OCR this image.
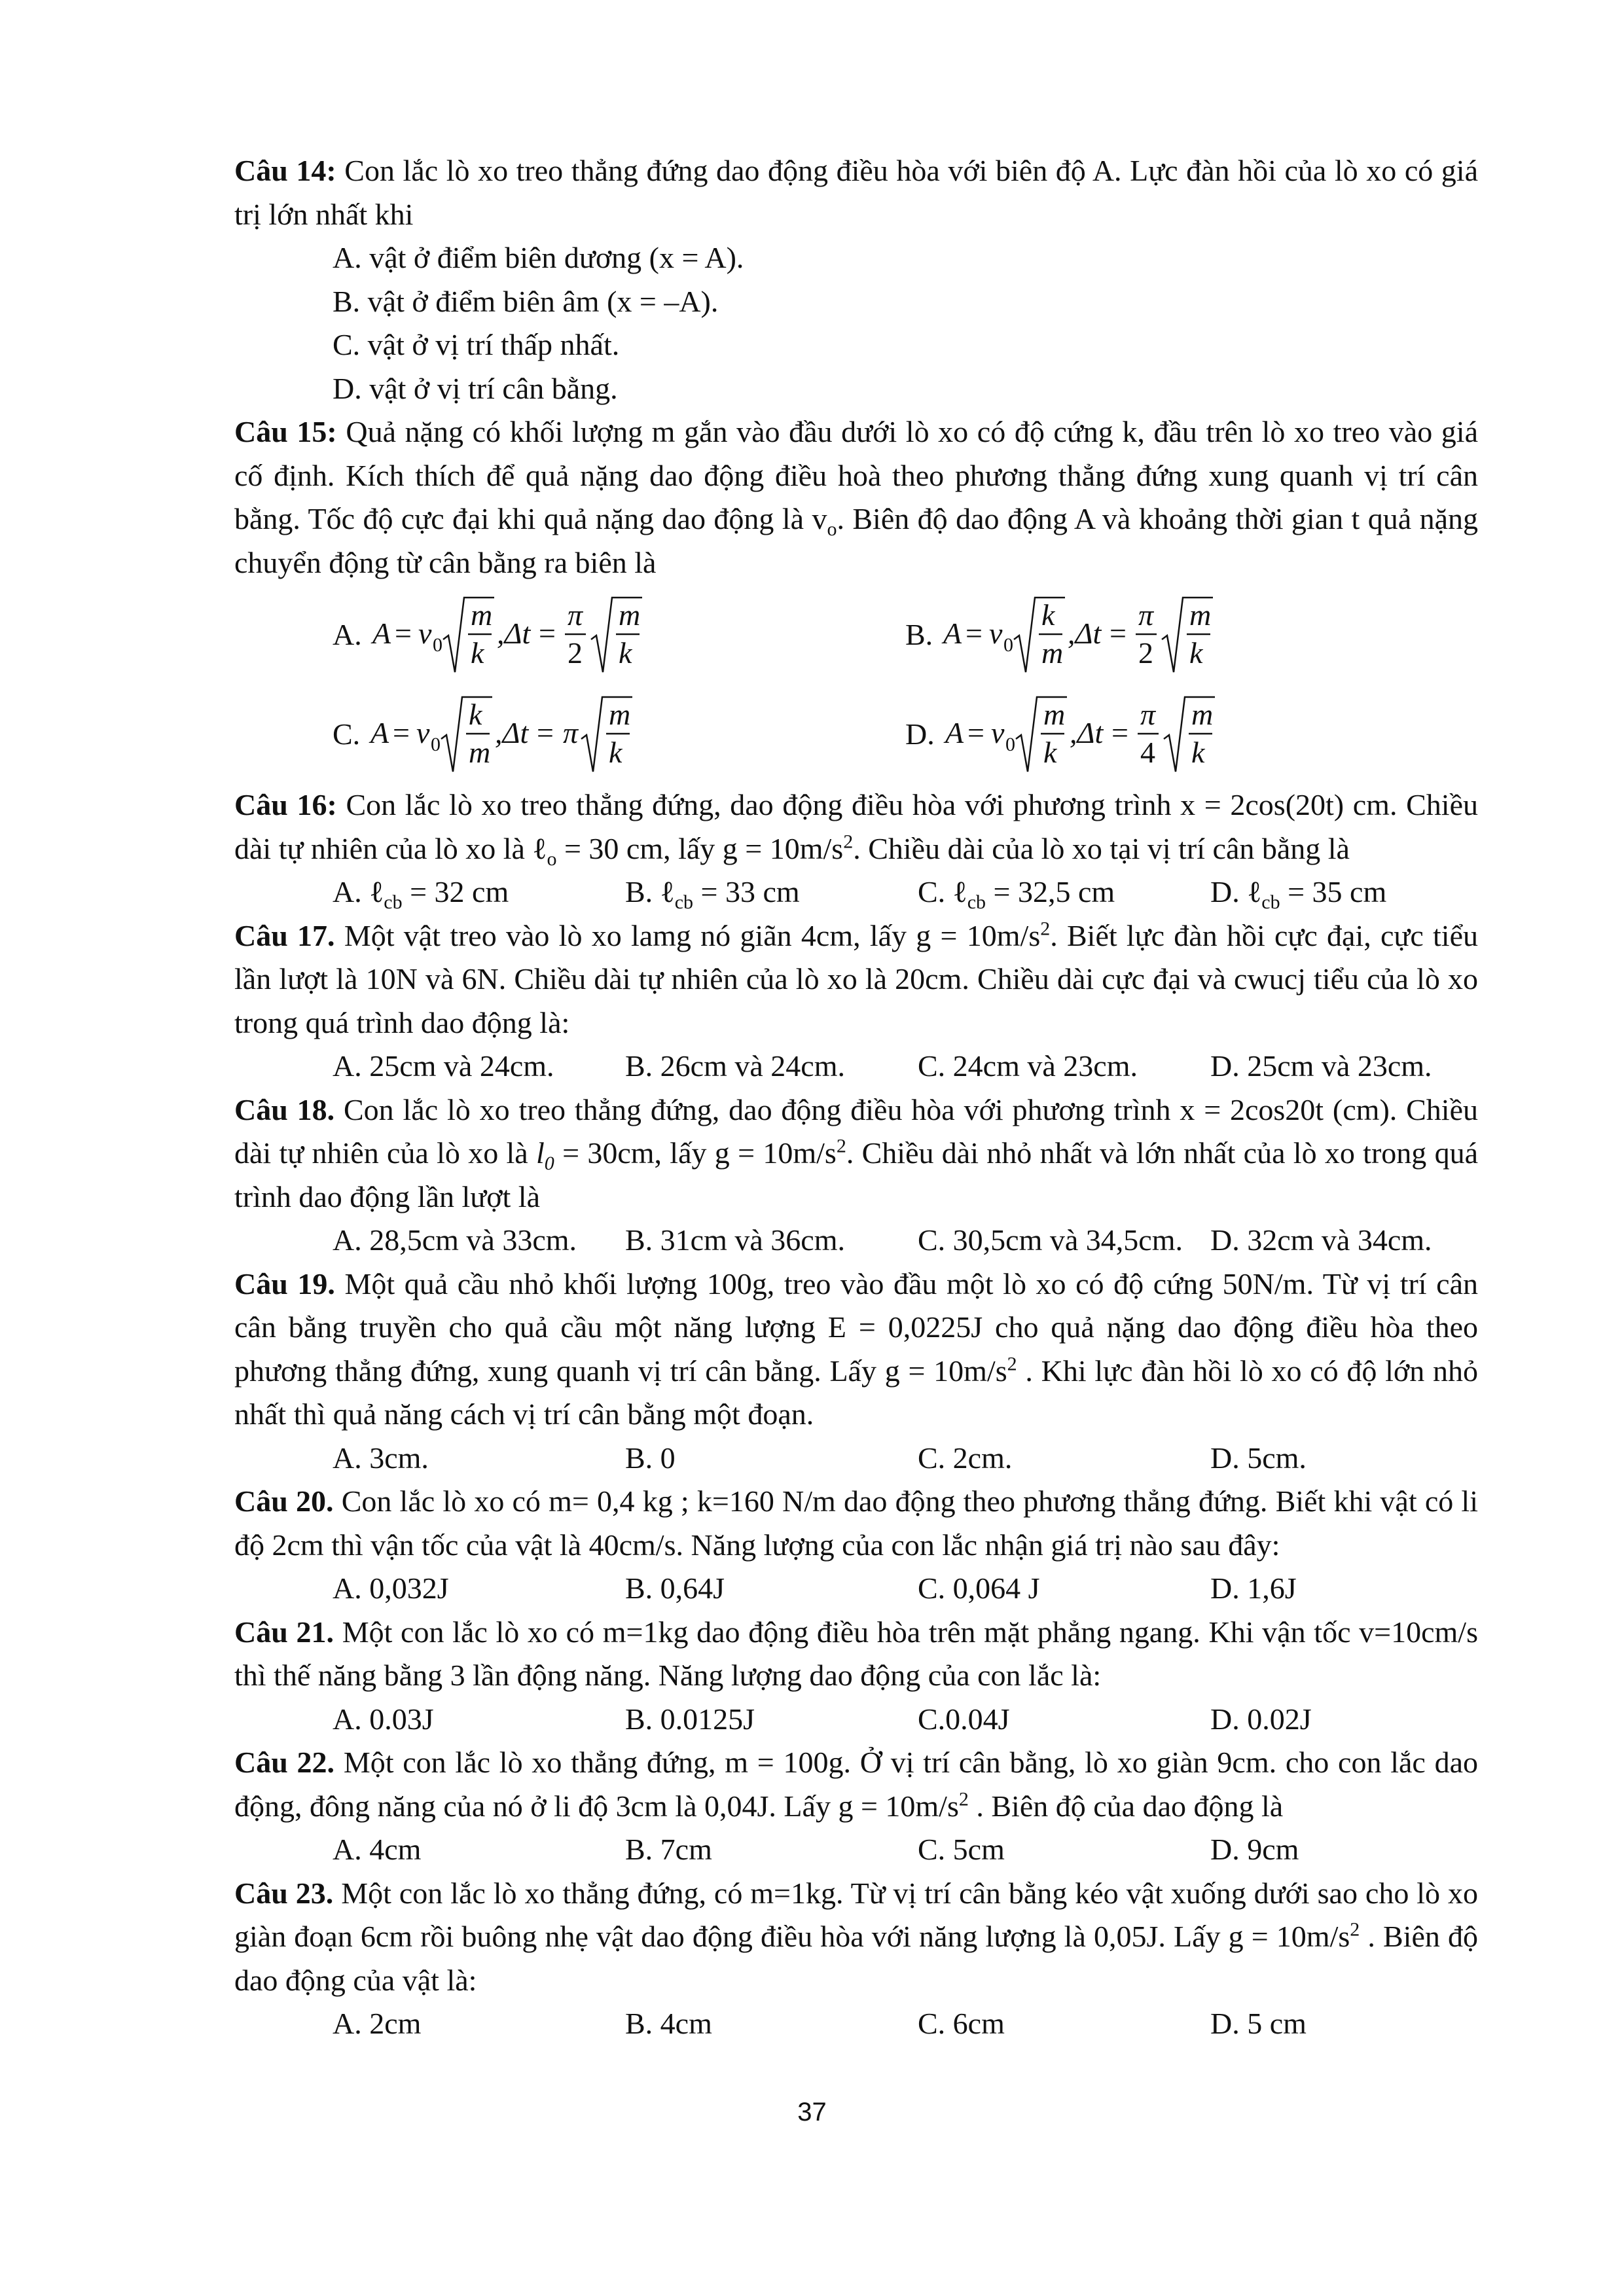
Câu 14: Con lắc lò xo treo thẳng đứng dao động điều hòa với biên độ A. Lực đàn hồi của lò xo có giá trị lớn nhất khi
A. vật ở điểm biên dương (x = A).
B. vật ở điểm biên âm (x = –A).
C. vật ở vị trí thấp nhất.
D. vật ở vị trí cân bằng.
Câu 15: Quả nặng có khối lượng m gắn vào đầu dưới lò xo có độ cứng k, đầu trên lò xo treo vào giá cố định. Kích thích để quả nặng dao động điều hoà theo phương thẳng đứng xung quanh vị trí cân bằng. Tốc độ cực đại khi quả nặng dao động là $v_o$. Biên độ dao động A và khoảng thời gian t quả nặng chuyển động từ cân bằng ra biên là
A. A = v 0
m
k
,Δt =
π
2
m
k
B. A = v 0
k
m
,Δt =
π
2
m
k
C. A = v 0
k
m
,Δt = π
m
k
D. A = v 0
m
k
,Δt =
π
4
m
k
Câu 16: Con lắc lò xo treo thẳng đứng, dao động điều hòa với phương trình x = 2cos(20t) cm. Chiều dài tự nhiên của lò xo là ℓ$_o$ = 30 cm, lấy $g = 10m/s^2$. Chiều dài của lò xo tại vị trí cân bằng là
A. ℓ$_{cb}$ = 32 cm	B. ℓ$_{cb}$ = 33 cm	C. ℓ$_{cb}$ = 32,5 cm	D. ℓ$_{cb}$ = 35 cm
Câu 17. Một vật treo vào lò xo lamg nó giãn 4cm, lấy $g = 10m/s^2$. Biết lực đàn hồi cực đại, cực tiểu lần lượt là 10N và 6N. Chiều dài tự nhiên của lò xo là 20cm. Chiều dài cực đại và cwucj tiểu của lò xo trong quá trình dao động là:
A. 25cm và 24cm.	B. 26cm và 24cm.	C. 24cm và 23cm.	D. 25cm và 23cm.
Câu 18. Con lắc lò xo treo thẳng đứng, dao động điều hòa với phương trình x = 2cos20t (cm). Chiều dài tự nhiên của lò xo là $l_0 = 30cm$, lấy $g = 10m/s^2$. Chiều dài nhỏ nhất và lớn nhất của lò xo trong quá trình dao động lần lượt là
A. 28,5cm và 33cm.	B. 31cm và 36cm.	C. 30,5cm và 34,5cm. D. 32cm và 34cm.
Câu 19. Một quả cầu nhỏ khối lượng 100g, treo vào đầu một lò xo có độ cứng 50N/m. Từ vị trí cân cân bằng truyền cho quả cầu một năng lượng E = 0,0225J cho quả nặng dao động điều hòa theo phương thẳng đứng, xung quanh vị trí cân bằng. Lấy $g = 10m/s^2$ . Khi lực đàn hồi lò xo có độ lớn nhỏ nhất thì quả năng cách vị trí cân bằng một đoạn.
A. 3cm.	B. 0	C. 2cm.	D. 5cm.
Câu 20. Con lắc lò xo có m= 0,4 kg ; k=160 N/m dao động theo phương thẳng đứng. Biết khi vật có li độ 2cm thì vận tốc của vật là 40cm/s. Năng lượng của con lắc nhận giá trị nào sau đây:
A. 0,032J	B. 0,64J	C. 0,064 J	D. 1,6J
Câu 21. Một con lắc lò xo có m=1kg dao động điều hòa trên mặt phẳng ngang. Khi vận tốc v=10cm/s thì thế năng bằng 3 lần động năng. Năng lượng dao động của con lắc là:
A. 0.03J	B. 0.0125J	C.0.04J	D. 0.02J
Câu 22. Một con lắc lò xo thẳng đứng, m = 100g. Ở vị trí cân bằng, lò xo giàn 9cm. cho con lắc dao động, đông năng của nó ở li độ 3cm là 0,04J. Lấy $g = 10m/s^2$ . Biên độ của dao động là
A. 4cm	B. 7cm	C. 5cm	D. 9cm
Câu 23. Một con lắc lò xo thẳng đứng, có m=1kg. Từ vị trí cân bằng kéo vật xuống dưới sao cho lò xo giàn đoạn 6cm rồi buông nhẹ vật dao động điều hòa với năng lượng là 0,05J. Lấy $g = 10m/s^2$ . Biên độ dao động của vật là:
A. 2cm	B. 4cm	C. 6cm	D. 5 cm
37
